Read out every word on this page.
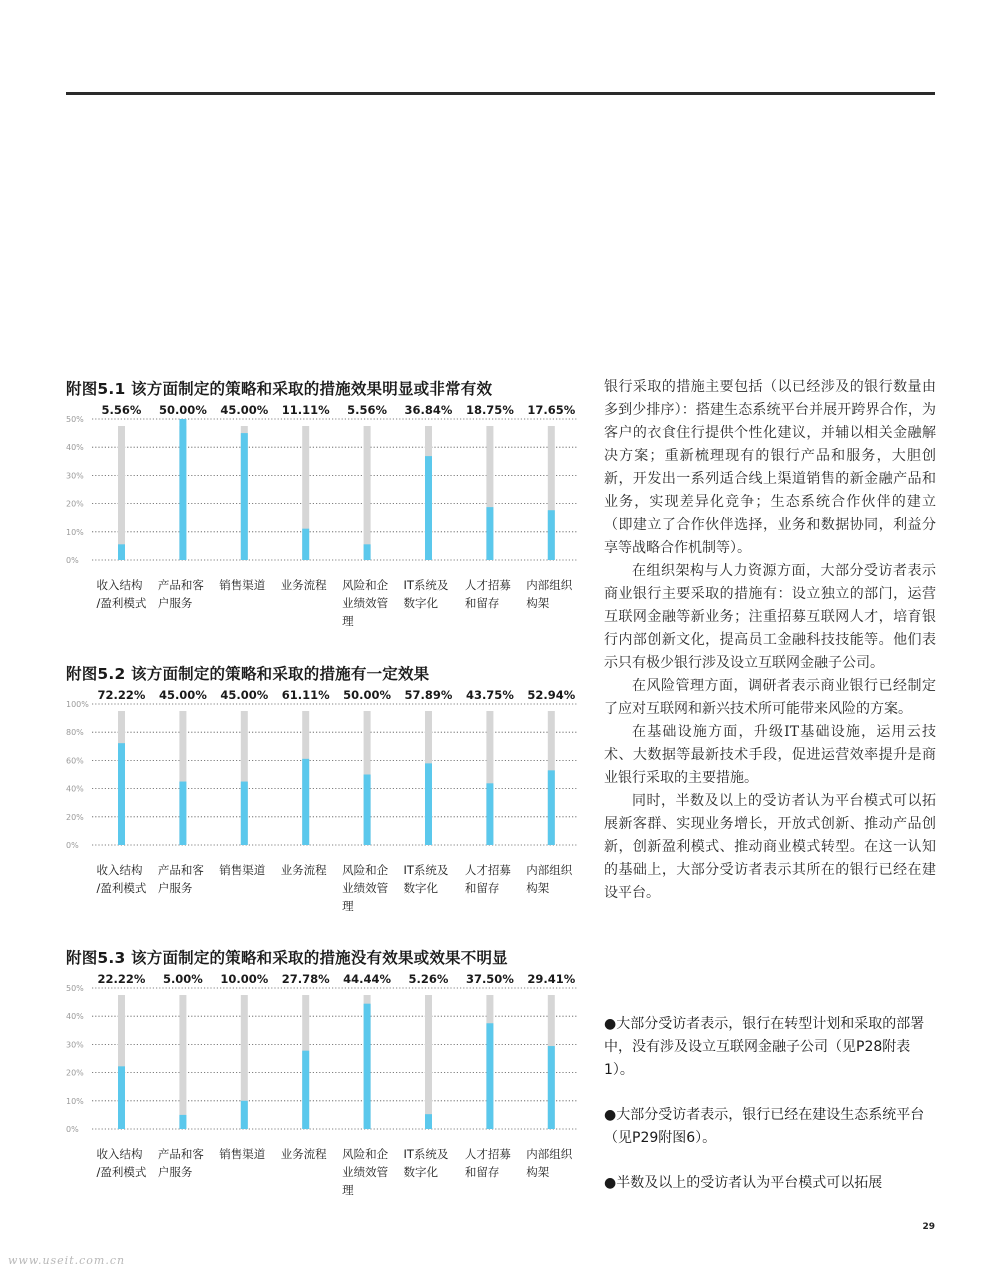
附图5.1 该方面制定的策略和采取的措施效果明显或非常有效
0%
10%
20%
30%
40%
50%
5.56%
收入结构
/盈利模式
50.00%
产品和客
户服务
45.00%
销售渠道
11.11%
业务流程
5.56%
风险和企
业绩效管
理
36.84%
IT系统及
数字化
18.75%
人才招募
和留存
17.65%
内部组织
构架
附图5.2 该方面制定的策略和采取的措施有一定效果
0%
20%
40%
60%
80%
100%
72.22%
收入结构
/盈利模式
45.00%
产品和客
户服务
45.00%
销售渠道
61.11%
业务流程
50.00%
风险和企
业绩效管
理
57.89%
IT系统及
数字化
43.75%
人才招募
和留存
52.94%
内部组织
构架
附图5.3 该方面制定的策略和采取的措施没有效果或效果不明显
0%
10%
20%
30%
40%
50%
22.22%
收入结构
/盈利模式
5.00%
产品和客
户服务
10.00%
销售渠道
27.78%
业务流程
44.44%
风险和企
业绩效管
理
5.26%
IT系统及
数字化
37.50%
人才招募
和留存
29.41%
内部组织
构架

银行采取的措施主要包括（以已经涉及的银行数量由多到少排序）：搭建生态系统平台并展开跨界合作，为客户的衣食住行提供个性化建议，并辅以相关金融解决方案；重新梳理现有的银行产品和服务，大胆创新，开发出一系列适合线上渠道销售的新金融产品和业务，实现差异化竞争；生态系统合作伙伴的建立（即建立了合作伙伴选择，业务和数据协同，利益分享等战略合作机制等）。

在组织架构与人力资源方面，大部分受访者表示商业银行主要采取的措施有：设立独立的部门，运营互联网金融等新业务；注重招募互联网人才，培育银行内部创新文化，提高员工金融科技技能等。他们表示只有极少银行涉及设立互联网金融子公司。

在风险管理方面，调研者表示商业银行已经制定了应对互联网和新兴技术所可能带来风险的方案。

在基础设施方面，升级IT基础设施，运用云技术、大数据等最新技术手段，促进运营效率提升是商业银行采取的主要措施。

同时，半数及以上的受访者认为平台模式可以拓展新客群、实现业务增长，开放式创新、推动产品创新，创新盈利模式、推动商业模式转型。在这一认知的基础上，大部分受访者表示其所在的银行已经在建设平台。

●大部分受访者表示，银行在转型计划和采取的部署中，没有涉及设立互联网金融子公司（见P28附表1）。

●大部分受访者表示，银行已经在建设生态系统平台（见P29附图6）。

●半数及以上的受访者认为平台模式可以拓展

29
www.useit.com.cn
